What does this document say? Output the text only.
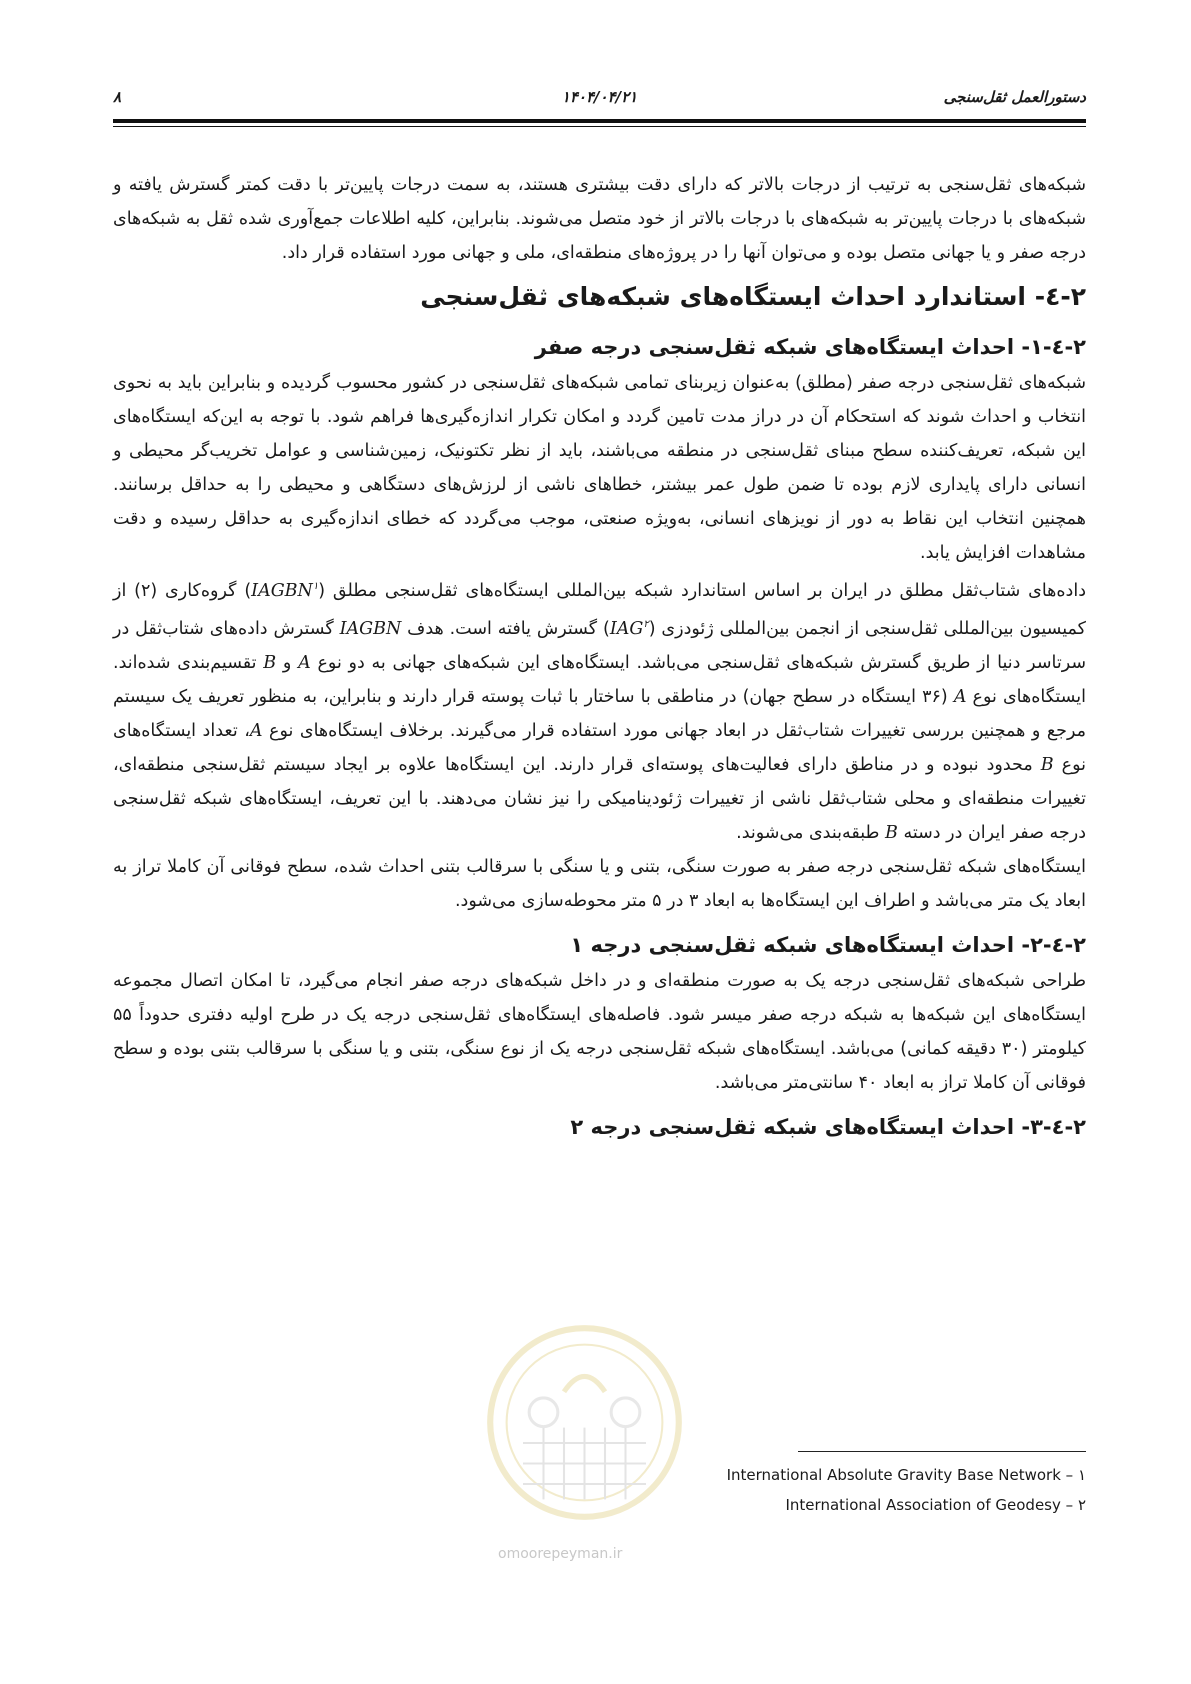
۸	۱۴۰۴/۰۴/۲۱	دستورالعمل ثقل‌سنجی

شبکه‌های ثقل‌سنجی به ترتیب از درجات بالاتر که دارای دقت بیشتری هستند، به سمت درجات پایین‌تر با دقت کمتر گسترش یافته و شبکه‌های با درجات پایین‌تر به شبکه‌های با درجات بالاتر از خود متصل می‌شوند. بنابراین، کلیه اطلاعات جمع‌آوری شده ثقل به شبکه‌های درجه صفر و یا جهانی متصل بوده و می‌توان آنها را در پروژه‌های منطقه‌ای، ملی و جهانی مورد استفاده قرار داد.

۲-٤- استاندارد احداث ایستگاه‌های شبکه‌های ثقل‌سنجی
۲-٤-۱- احداث ایستگاه‌های شبکه ثقل‌سنجی درجه صفر

شبکه‌های ثقل‌سنجی درجه صفر (مطلق) به‌عنوان زیربنای تمامی شبکه‌های ثقل‌سنجی در کشور محسوب گردیده و بنابراین باید به نحوی انتخاب و احداث شوند که استحکام آن در دراز مدت تامین گردد و امکان تکرار اندازه‌گیری‌ها فراهم شود. با توجه به این‌که ایستگاه‌های این شبکه، تعریف‌کننده سطح مبنای ثقل‌سنجی در منطقه می‌باشند، باید از نظر تکتونیک، زمین‌شناسی و عوامل تخریب‌گر محیطی و انسانی دارای پایداری لازم بوده تا ضمن طول عمر بیشتر، خطاهای ناشی از لرزش‌های دستگاهی و محیطی را به حداقل برسانند. همچنین انتخاب این نقاط به دور از نویزهای انسانی، به‌ویژه صنعتی، موجب می‌گردد که خطای اندازه‌گیری به حداقل رسیده و دقت مشاهدات افزایش یابد.

داده‌های شتاب‌ثقل مطلق در ایران بر اساس استاندارد شبکه بین‌المللی ایستگاه‌های ثقل‌سنجی مطلق (IAGBN$^۱$) گروه‌کاری (۲) از کمیسیون بین‌المللی ثقل‌سنجی از انجمن بین‌المللی ژئودزی (IAG$^۲$) گسترش یافته است. هدف IAGBN گسترش داده‌های شتاب‌ثقل در سرتاسر دنیا از طریق گسترش شبکه‌های ثقل‌سنجی می‌باشد. ایستگاه‌های این شبکه‌های جهانی به دو نوع A و B تقسیم‌بندی شده‌اند. ایستگاه‌های نوع A (۳۶ ایستگاه در سطح جهان) در مناطقی با ساختار با ثبات پوسته قرار دارند و بنابراین، به منظور تعریف یک سیستم مرجع و همچنین بررسی تغییرات شتاب‌ثقل در ابعاد جهانی مورد استفاده قرار می‌گیرند. برخلاف ایستگاه‌های نوع A، تعداد ایستگاه‌های نوع B محدود نبوده و در مناطق دارای فعالیت‌های پوسته‌ای قرار دارند. این ایستگاه‌ها علاوه بر ایجاد سیستم ثقل‌سنجی منطقه‌ای، تغییرات منطقه‌ای و محلی شتاب‌ثقل ناشی از تغییرات ژئودینامیکی را نیز نشان می‌دهند. با این تعریف، ایستگاه‌های شبکه ثقل‌سنجی درجه صفر ایران در دسته B طبقه‌بندی می‌شوند.

ایستگاه‌های شبکه ثقل‌سنجی درجه صفر به صورت سنگی، بتنی و یا سنگی با سرقالب بتنی احداث شده، سطح فوقانی آن کاملا تراز به ابعاد یک متر می‌باشد و اطراف این ایستگاه‌ها به ابعاد ۳ در ۵ متر محوطه‌سازی می‌شود.

۲-٤-۲- احداث ایستگاه‌های شبکه ثقل‌سنجی درجه ۱

طراحی شبکه‌های ثقل‌سنجی درجه یک به صورت منطقه‌ای و در داخل شبکه‌های درجه صفر انجام می‌گیرد، تا امکان اتصال مجموعه ایستگاه‌های این شبکه‌ها به شبکه درجه صفر میسر شود. فاصله‌های ایستگاه‌های ثقل‌سنجی درجه یک در طرح اولیه دفتری حدوداً ۵۵ کیلومتر (۳۰ دقیقه کمانی) می‌باشد. ایستگاه‌های شبکه ثقل‌سنجی درجه یک از نوع سنگی، بتنی و یا سنگی با سرقالب بتنی بوده و سطح فوقانی آن کاملا تراز به ابعاد ۴۰ سانتی‌متر می‌باشد.

۲-٤-۳- احداث ایستگاه‌های شبکه ثقل‌سنجی درجه ۲
omoorepeyman.ir
International Absolute Gravity Base Network – ۱
International Association of Geodesy – ۲
